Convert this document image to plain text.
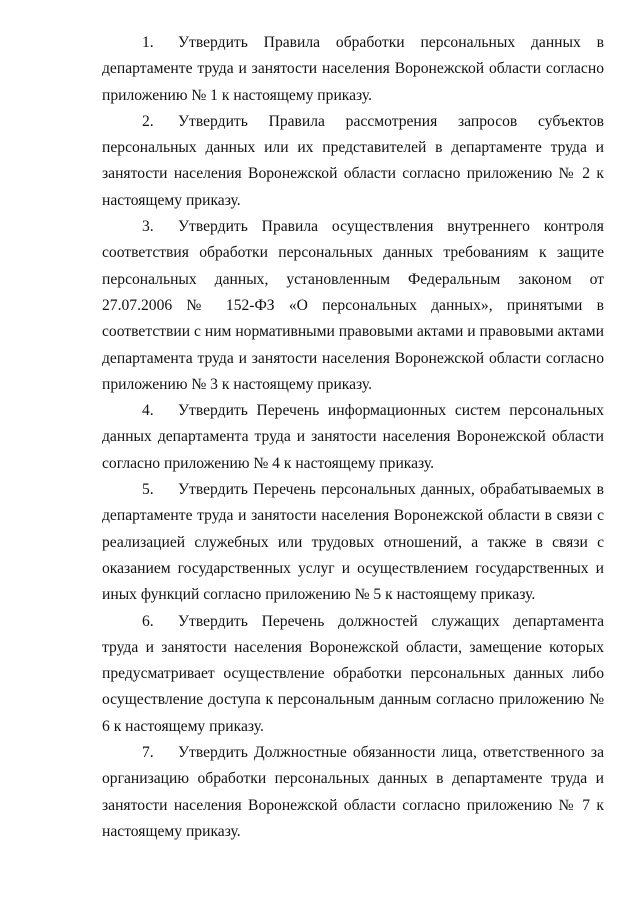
1. Утвердить Правила обработки персональных данных в департаменте труда и занятости населения Воронежской области согласно приложению № 1 к настоящему приказу.

2. Утвердить Правила рассмотрения запросов субъектов персональных данных или их представителей в департаменте труда и занятости населения Воронежской области согласно приложению № 2 к настоящему приказу.

3. Утвердить Правила осуществления внутреннего контроля соответствия обработки персональных данных требованиям к защите персональных данных, установленным Федеральным законом от 27.07.2006 № 152-ФЗ «О персональных данных», принятыми в соответствии с ним нормативными правовыми актами и правовыми актами департамента труда и занятости населения Воронежской области согласно приложению № 3 к настоящему приказу.

4. Утвердить Перечень информационных систем персональных данных департамента труда и занятости населения Воронежской области согласно приложению № 4 к настоящему приказу.

5. Утвердить Перечень персональных данных, обрабатываемых в департаменте труда и занятости населения Воронежской области в связи с реализацией служебных или трудовых отношений, а также в связи с оказанием государственных услуг и осуществлением государственных и иных функций согласно приложению № 5 к настоящему приказу.

6. Утвердить Перечень должностей служащих департамента труда и занятости населения Воронежской области, замещение которых предусматривает осуществление обработки персональных данных либо осуществление доступа к персональным данным согласно приложению № 6 к настоящему приказу.

7. Утвердить Должностные обязанности лица, ответственного за организацию обработки персональных данных в департаменте труда и занятости населения Воронежской области согласно приложению № 7 к настоящему приказу.
